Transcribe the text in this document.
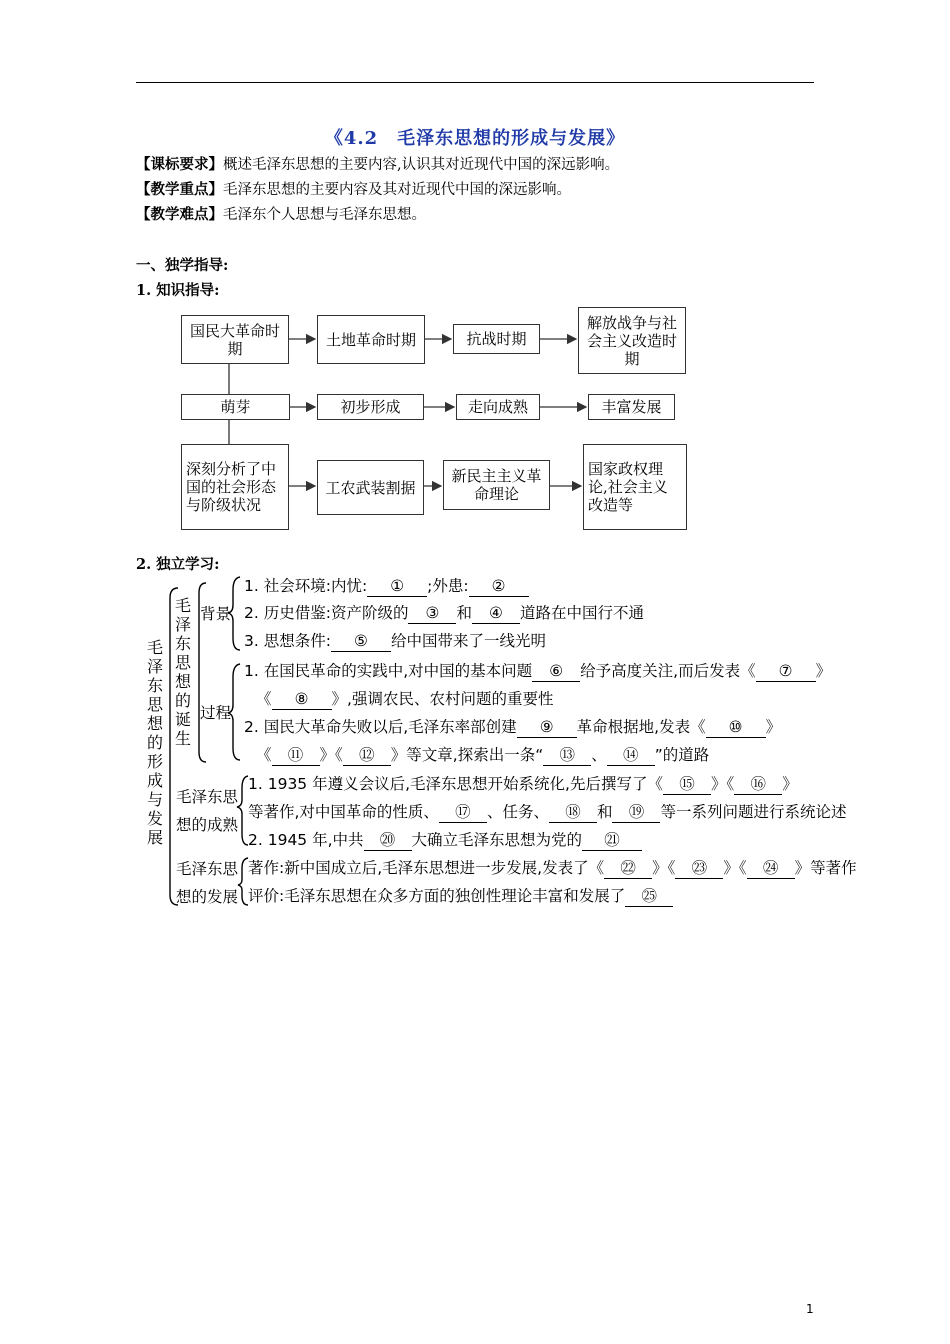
《4.2　毛泽东思想的形成与发展》
【课标要求】概述毛泽东思想的主要内容,认识其对近现代中国的深远影响。
【教学重点】毛泽东思想的主要内容及其对近现代中国的深远影响。
【教学难点】毛泽东个人思想与毛泽东思想。
一、独学指导:
1. 知识指导:
国民大革命时期	土地革命时期	抗战时期
解放战争与社会主义改造时期
萌芽	初步形成	走向成熟	丰富发展
深刻分析了中国的社会形态与阶级状况
工农武装割据
新民主主义革命理论
国家政权理论,社会主义改造等
2. 独立学习:
毛泽东思想的形成与发展
毛泽东思想的诞生
背景
过程
毛泽东思
想的成熟
毛泽东思
想的发展
1. 社会环境:内忧: ① ;外患: ②
2. 历史借鉴:资产阶级的 ③ 和 ④ 道路在中国行不通
3. 思想条件: ⑤ 给中国带来了一线光明
1. 在国民革命的实践中,对中国的基本问题 ⑥ 给予高度关注,而后发表《 ⑦ 》
《 ⑧ 》,强调农民、农村问题的重要性
2. 国民大革命失败以后,毛泽东率部创建 ⑨ 革命根据地,发表《 ⑩ 》
《 ⑪ 》《 ⑫ 》等文章,探索出一条“ ⑬ 、 ⑭ ”的道路
1. 1935 年遵义会议后,毛泽东思想开始系统化,先后撰写了《 ⑮ 》《 ⑯ 》
等著作,对中国革命的性质、 ⑰ 、任务、 ⑱ 和 ⑲ 等一系列问题进行系统论述
2. 1945 年,中共 ⑳ 大确立毛泽东思想为党的 ㉑
著作:新中国成立后,毛泽东思想进一步发展,发表了《 ㉒ 》《 ㉓ 》《 ㉔ 》等著作
评价:毛泽东思想在众多方面的独创性理论丰富和发展了 ㉕
1
